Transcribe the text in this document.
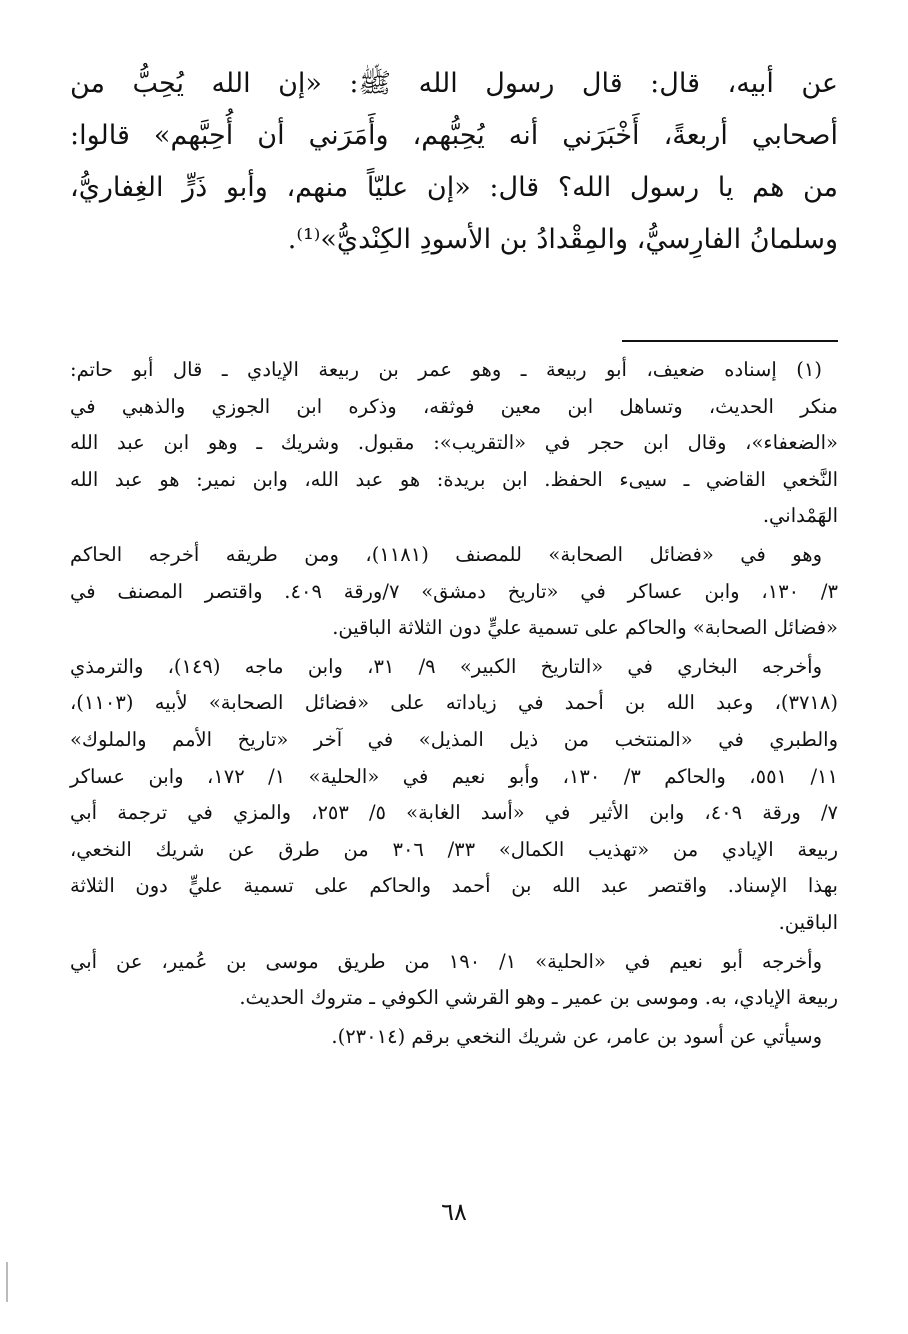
عن أبيه، قال: قال رسول الله ﷺ: «إن الله يُحِبُّ من
أصحابي أربعةً، أَخْبَرَني أنه يُحِبُّهم، وأَمَرَني أن أُحِبَّهم» قالوا:
من هم يا رسول الله؟ قال: «إن عليّاً منهم، وأبو ذَرٍّ الغِفاريُّ،
وسلمانُ الفارِسيُّ، والمِقْدادُ بن الأسودِ الكِنْديُّ»⁽¹⁾.
(١) إسناده ضعيف، أبو ربيعة ـ وهو عمر بن ربيعة الإيادي ـ قال أبو حاتم:
منكر الحديث، وتساهل ابن معين فوثقه، وذكره ابن الجوزي والذهبي في
«الضعفاء»، وقال ابن حجر في «التقريب»: مقبول. وشريك ـ وهو ابن عبد الله
النَّخعي القاضي ـ سيىء الحفظ. ابن بريدة: هو عبد الله، وابن نمير: هو عبد الله
الهَمْداني.
وهو في «فضائل الصحابة» للمصنف (١١٨١)، ومن طريقه أخرجه الحاكم
٣/ ١٣٠، وابن عساكر في «تاريخ دمشق» ٧/ورقة ٤٠٩. واقتصر المصنف في
«فضائل الصحابة» والحاكم على تسمية عليٍّ دون الثلاثة الباقين.
وأخرجه البخاري في «التاريخ الكبير» ٩/ ٣١، وابن ماجه (١٤٩)، والترمذي
(٣٧١٨)، وعبد الله بن أحمد في زياداته على «فضائل الصحابة» لأبيه (١١٠٣)،
والطبري في «المنتخب من ذيل المذيل» في آخر «تاريخ الأمم والملوك»
١١/ ٥٥١، والحاكم ٣/ ١٣٠، وأبو نعيم في «الحلية» ١/ ١٧٢، وابن عساكر
٧/ ورقة ٤٠٩، وابن الأثير في «أسد الغابة» ٥/ ٢٥٣، والمزي في ترجمة أبي
ربيعة الإيادي من «تهذيب الكمال» ٣٣/ ٣٠٦ من طرق عن شريك النخعي،
بهذا الإسناد. واقتصر عبد الله بن أحمد والحاكم على تسمية عليٍّ دون الثلاثة
الباقين.
وأخرجه أبو نعيم في «الحلية» ١/ ١٩٠ من طريق موسى بن عُمير، عن أبي
ربيعة الإيادي، به. وموسى بن عمير ـ وهو القرشي الكوفي ـ متروك الحديث.
وسيأتي عن أسود بن عامر، عن شريك النخعي برقم (٢٣٠١٤).
٦٨
